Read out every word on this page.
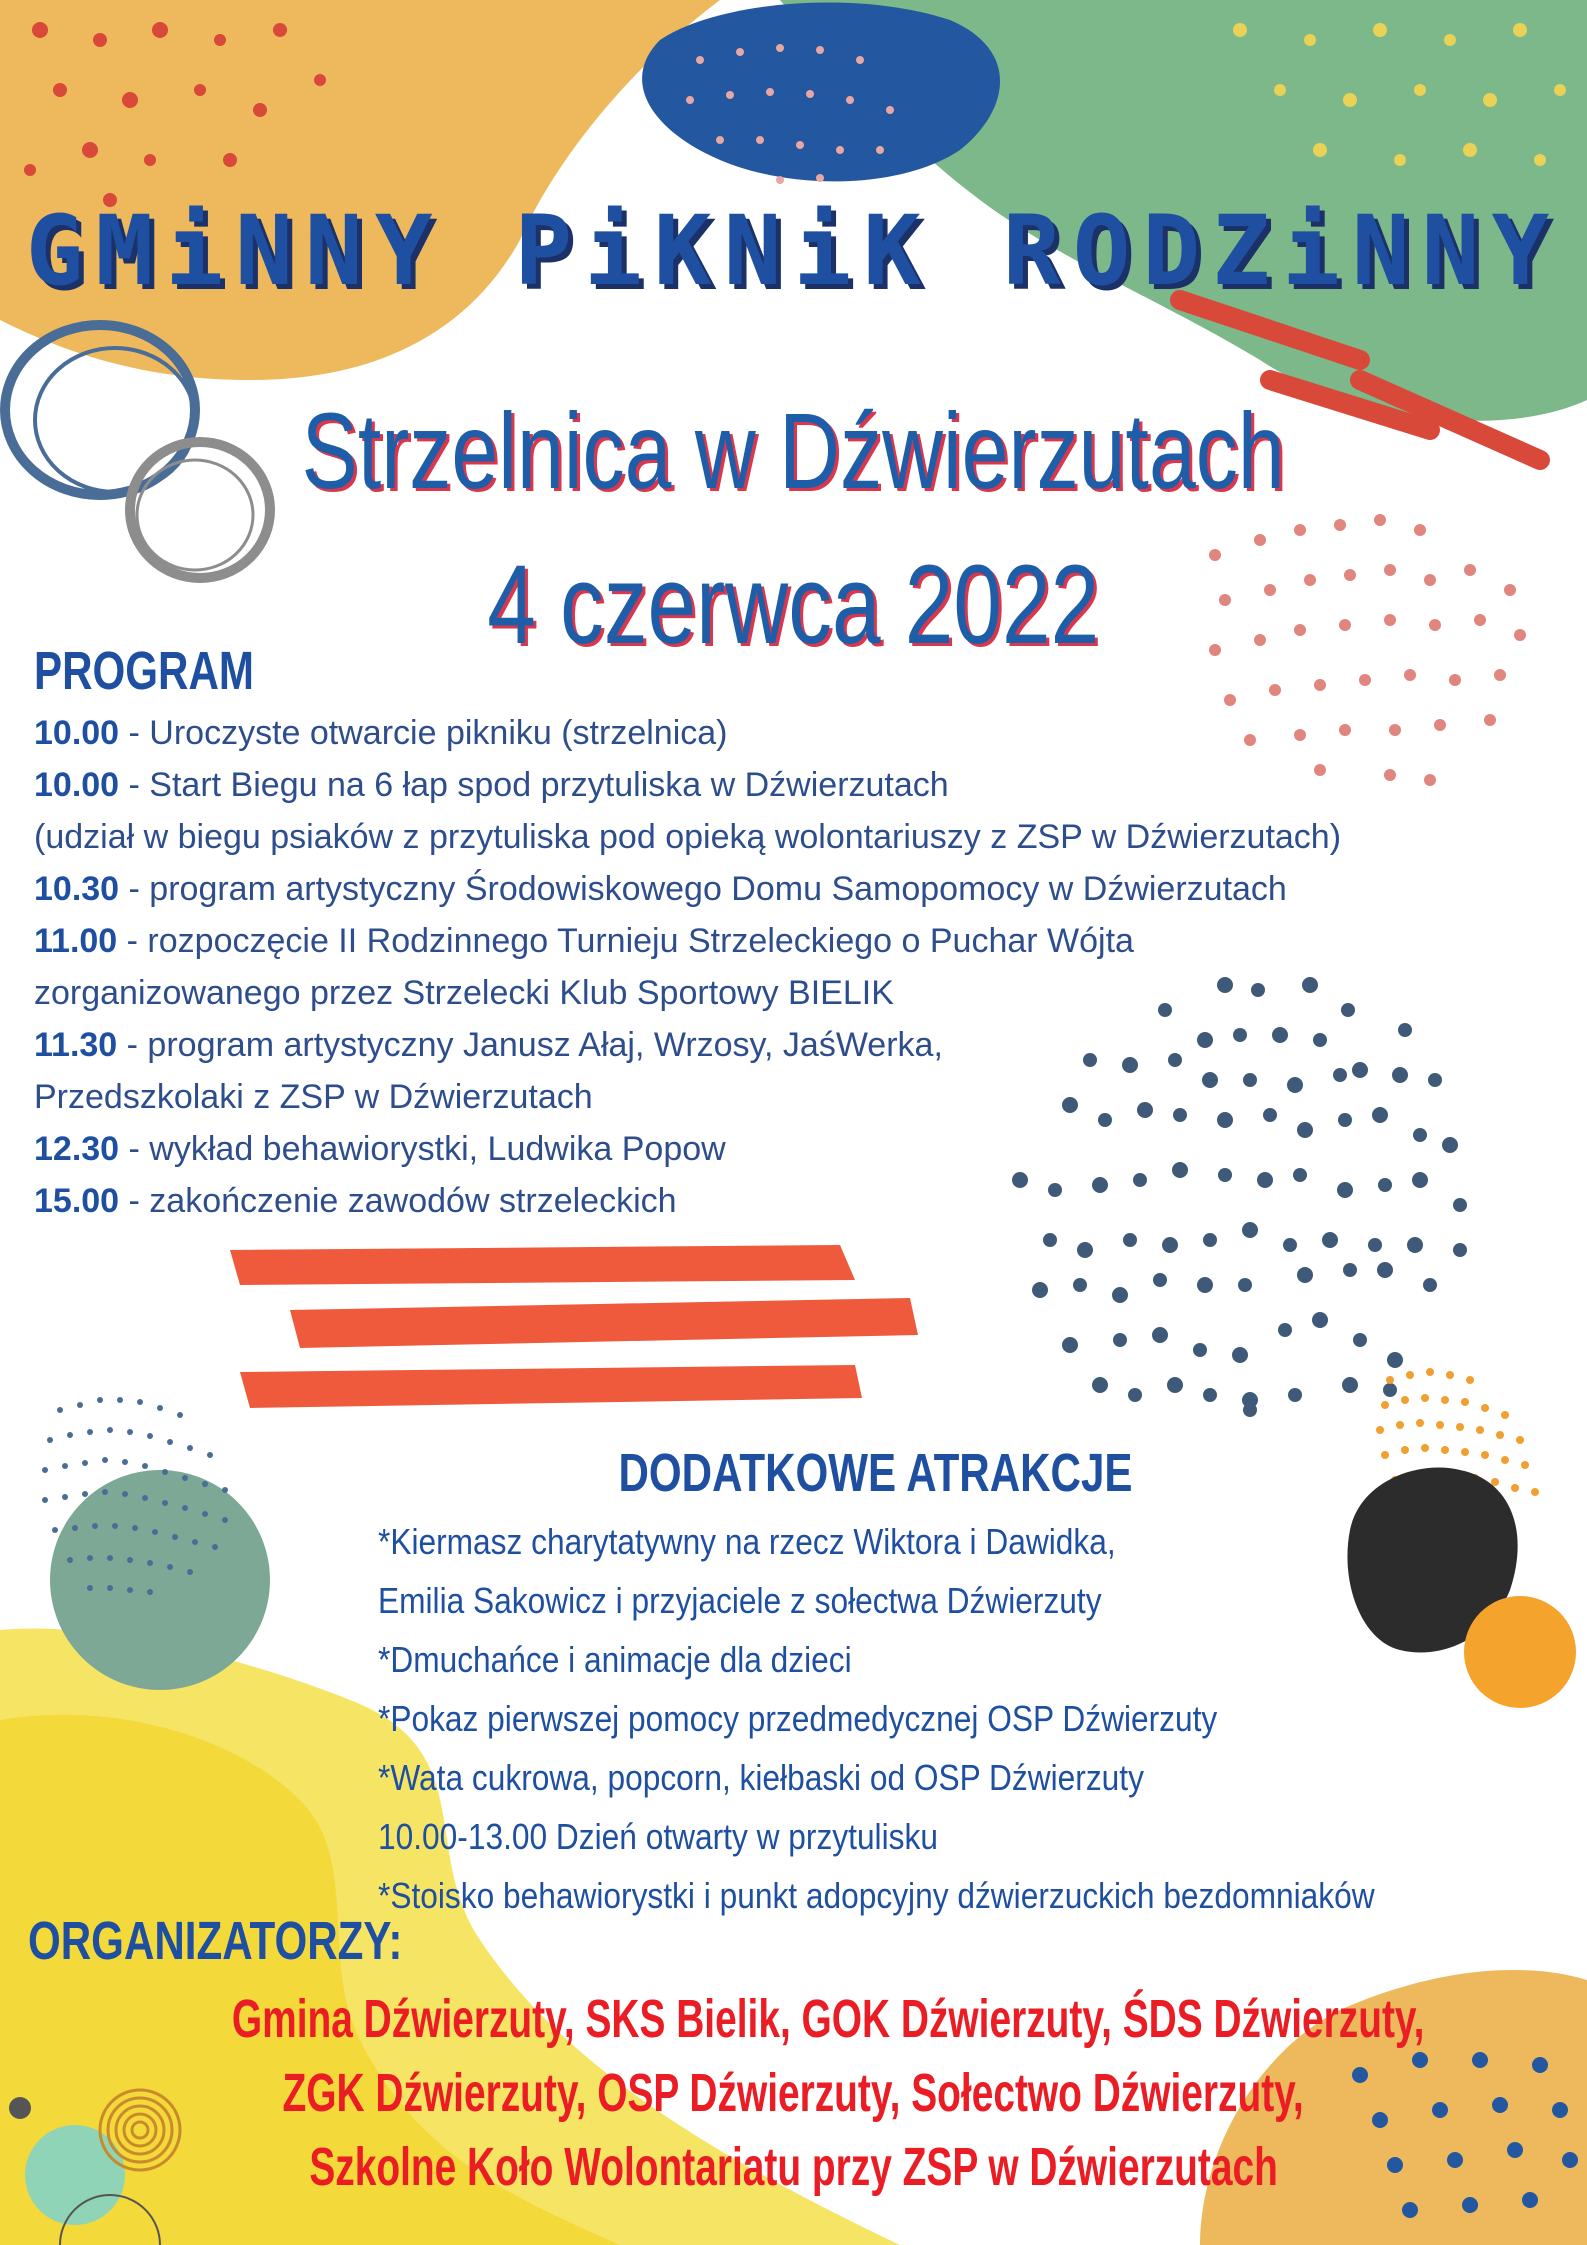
GMiNNY PiKNiK RODZiNNY
Strzelnica w Dźwierzutach
4 czerwca 2022
PROGRAM
10.00 - Uroczyste otwarcie pikniku (strzelnica)
10.00 - Start Biegu na 6 łap spod przytuliska w Dźwierzutach
(udział w biegu psiaków z przytuliska pod opieką wolontariuszy z ZSP w Dźwierzutach)
10.30 - program artystyczny Środowiskowego Domu Samopomocy w Dźwierzutach
11.00 - rozpoczęcie II Rodzinnego Turnieju Strzeleckiego o Puchar Wójta
zorganizowanego przez Strzelecki Klub Sportowy BIELIK
11.30 - program artystyczny Janusz Ałaj, Wrzosy, JaśWerka,
Przedszkolaki z ZSP w Dźwierzutach
12.30 - wykład behawiorystki, Ludwika Popow
15.00 - zakończenie zawodów strzeleckich
DODATKOWE ATRAKCJE
*Kiermasz charytatywny na rzecz Wiktora i Dawidka,
Emilia Sakowicz i przyjaciele z sołectwa Dźwierzuty
*Dmuchańce i animacje dla dzieci
*Pokaz pierwszej pomocy przedmedycznej OSP Dźwierzuty
*Wata cukrowa, popcorn, kiełbaski od OSP Dźwierzuty
10.00-13.00 Dzień otwarty w przytulisku
*Stoisko behawiorystki i punkt adopcyjny dźwierzuckich bezdomniaków
ORGANIZATORZY:
Gmina Dźwierzuty, SKS Bielik, GOK Dźwierzuty, ŚDS Dźwierzuty,
ZGK Dźwierzuty, OSP Dźwierzuty, Sołectwo Dźwierzuty,
Szkolne Koło Wolontariatu przy ZSP w Dźwierzutach
